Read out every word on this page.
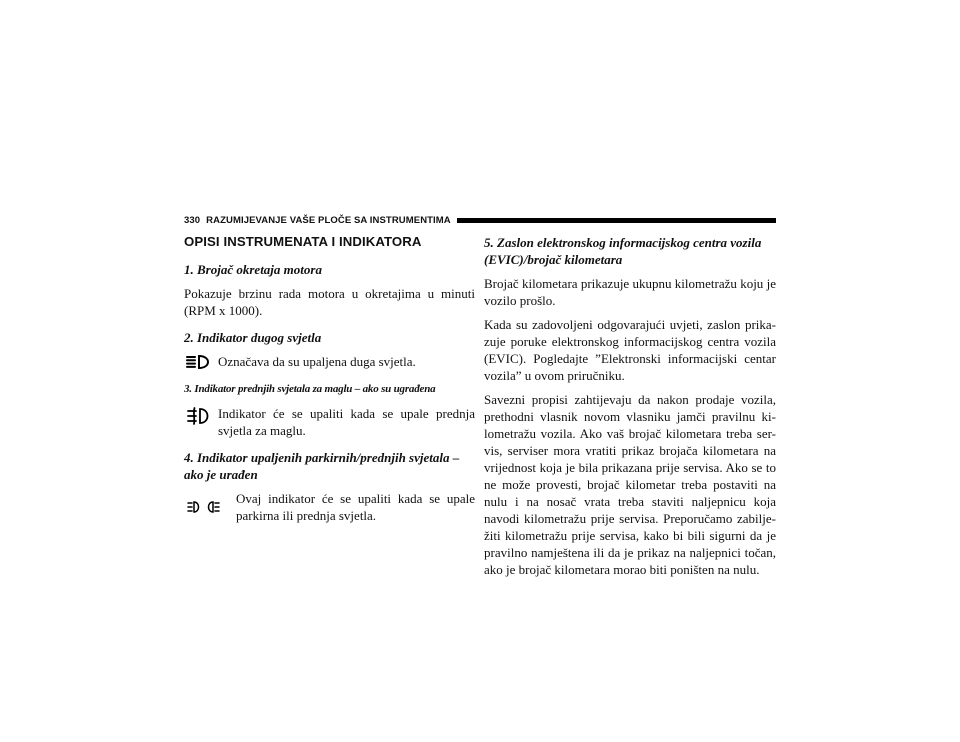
330 RAZUMIJEVANJE VAŠE PLOČE SA INSTRUMENTIMA
OPISI INSTRUMENATA I INDIKATORA
1. Brojač okretaja motora

Pokazuje brzinu rada motora u okretajima u minuti (RPM x 1000).

2. Indikator dugog svjetla

Označava da su upaljena duga svjetla.

3. Indikator prednjih svjetala za maglu – ako su ugrađena

Indikator će se upaliti kada se upale prednja svjetla za maglu.

4. Indikator upaljenih parkirnih/prednjih svjetala – ako je urađen

Ovaj indikator će se upaliti kada se upale parkirna ili prednja svjetla.

5. Zaslon elektronskog informacijskog centra vozila (EVIC)/brojač kilometara

Brojač kilometara prikazuje ukupnu kilometražu koju je vozilo prošlo.

Kada su zadovoljeni odgovarajući uvjeti, zaslon prika-zuje poruke elektronskog informacijskog centra vozila (EVIC). Pogledajte ”Elektronski informacijski centar vozila” u ovom priručniku.

Savezni propisi zahtijevaju da nakon prodaje vozila, prethodni vlasnik novom vlasniku jamči pravilnu ki-lometražu vozila. Ako vaš brojač kilometara treba ser-vis, serviser mora vratiti prikaz brojača kilometara na vrijednost koja je bila prikazana prije servisa. Ako se to ne može provesti, brojač kilometar treba postaviti na nulu i na nosač vrata treba staviti naljepnicu koja navodi kilometražu prije servisa. Preporučamo zabilje-žiti kilometražu prije servisa, kako bi bili sigurni da je pravilno namještena ili da je prikaz na naljepnici točan, ako je brojač kilometara morao biti poništen na nulu.
